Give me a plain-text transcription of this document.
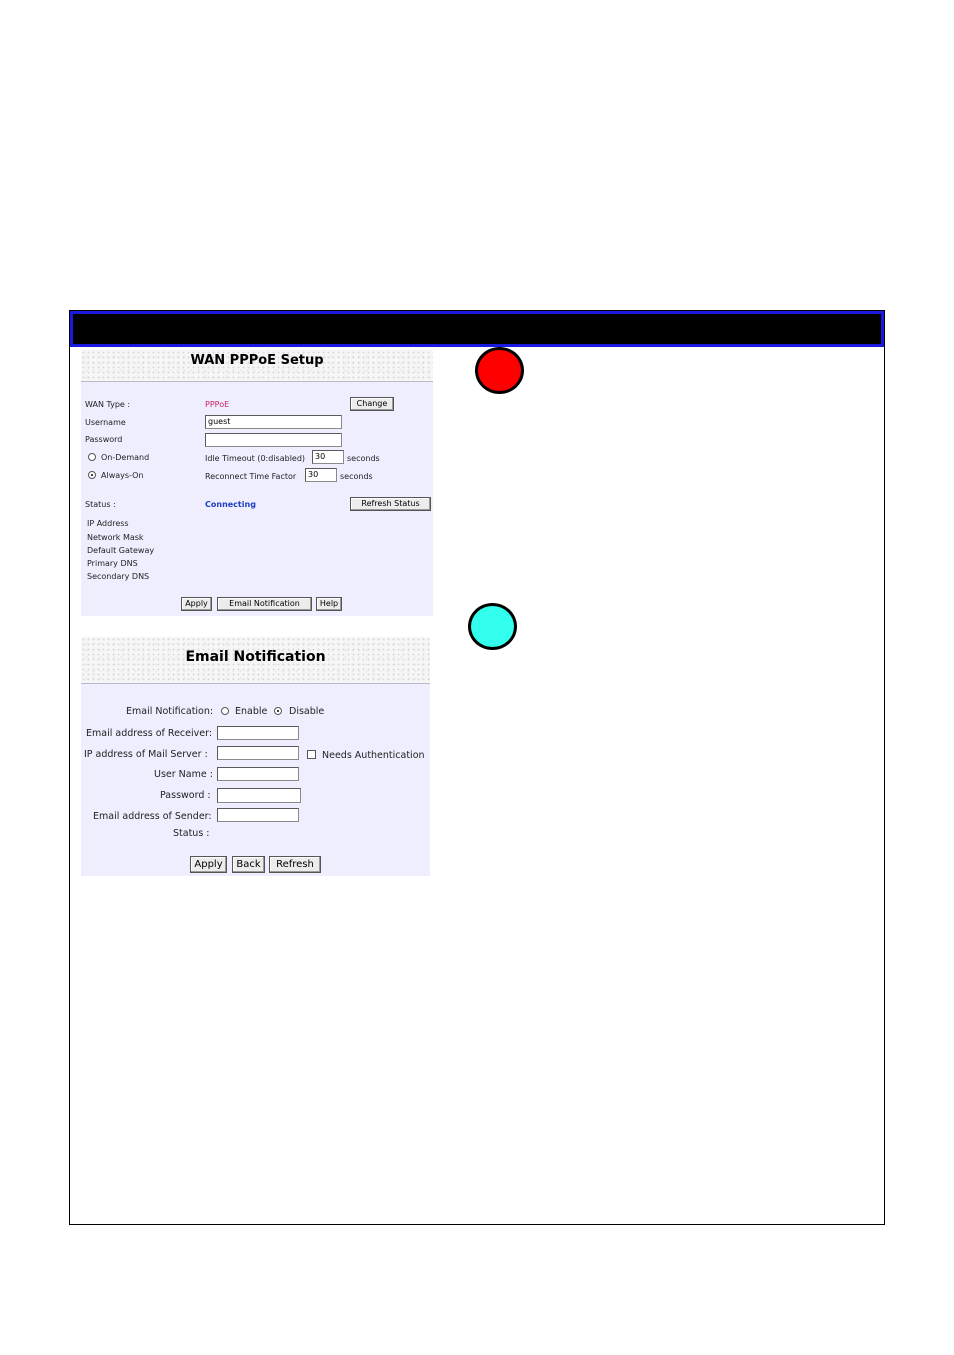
WAN PPPoE Setup
WAN Type :	PPPoE	Change
Username	guest
Password
On-Demand	Idle Timeout (0:disabled)	30	seconds
Always-On	Reconnect Time Factor	30	seconds
Status :	Connecting	Refresh Status
IP Address
Network Mask
Default Gateway
Primary DNS
Secondary DNS
Apply	Email Notification	Help
Email Notification
Email Notification: Enable Disable
Email address of Receiver:
IP address of Mail Server :	Needs Authentication
User Name :
Password :
Email address of Sender:
Status :
Apply	Back	Refresh
